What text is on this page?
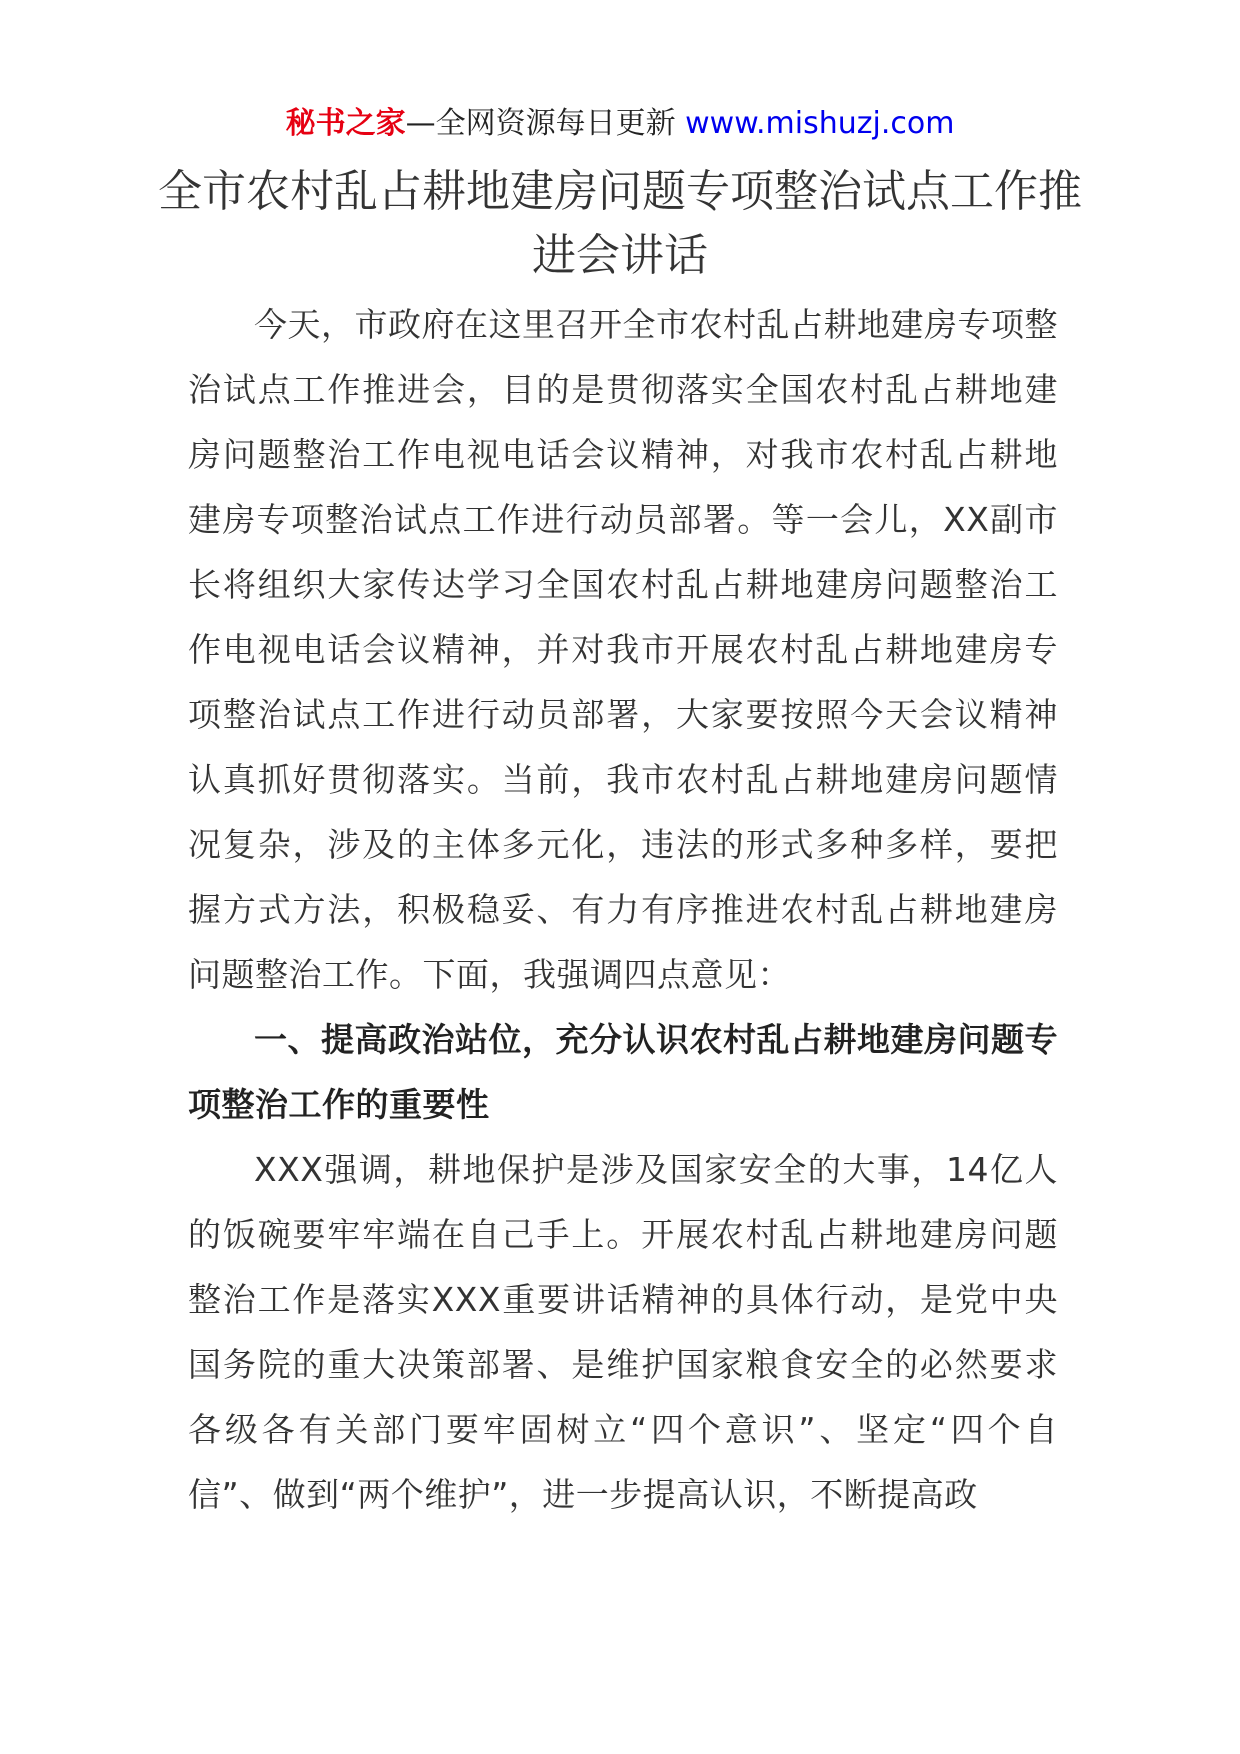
秘书之家—全网资源每日更新 www.mishuzj.com
全市农村乱占耕地建房问题专项整治试点工作推进会讲话

今天，市政府在这里召开全市农村乱占耕地建房专项整治试点工作推进会，目的是贯彻落实全国农村乱占耕地建房问题整治工作电视电话会议精神，对我市农村乱占耕地建房专项整治试点工作进行动员部署。等一会儿，XX副市长将组织大家传达学习全国农村乱占耕地建房问题整治工作电视电话会议精神，并对我市开展农村乱占耕地建房专项整治试点工作进行动员部署，大家要按照今天会议精神认真抓好贯彻落实。当前，我市农村乱占耕地建房问题情况复杂，涉及的主体多元化，违法的形式多种多样，要把握方式方法，积极稳妥、有力有序推进农村乱占耕地建房问题整治工作。下面，我强调四点意见：

一、提高政治站位，充分认识农村乱占耕地建房问题专项整治工作的重要性

XXX强调，耕地保护是涉及国家安全的大事，14亿人的饭碗要牢牢端在自己手上。开展农村乱占耕地建房问题整治工作是落实XXX重要讲话精神的具体行动，是党中央国务院的重大决策部署、是维护国家粮食安全的必然要求各级各有关部门要牢固树立“四个意识”、坚定“四个自信”、做到“两个维护”，进一步提高认识，不断提高政
